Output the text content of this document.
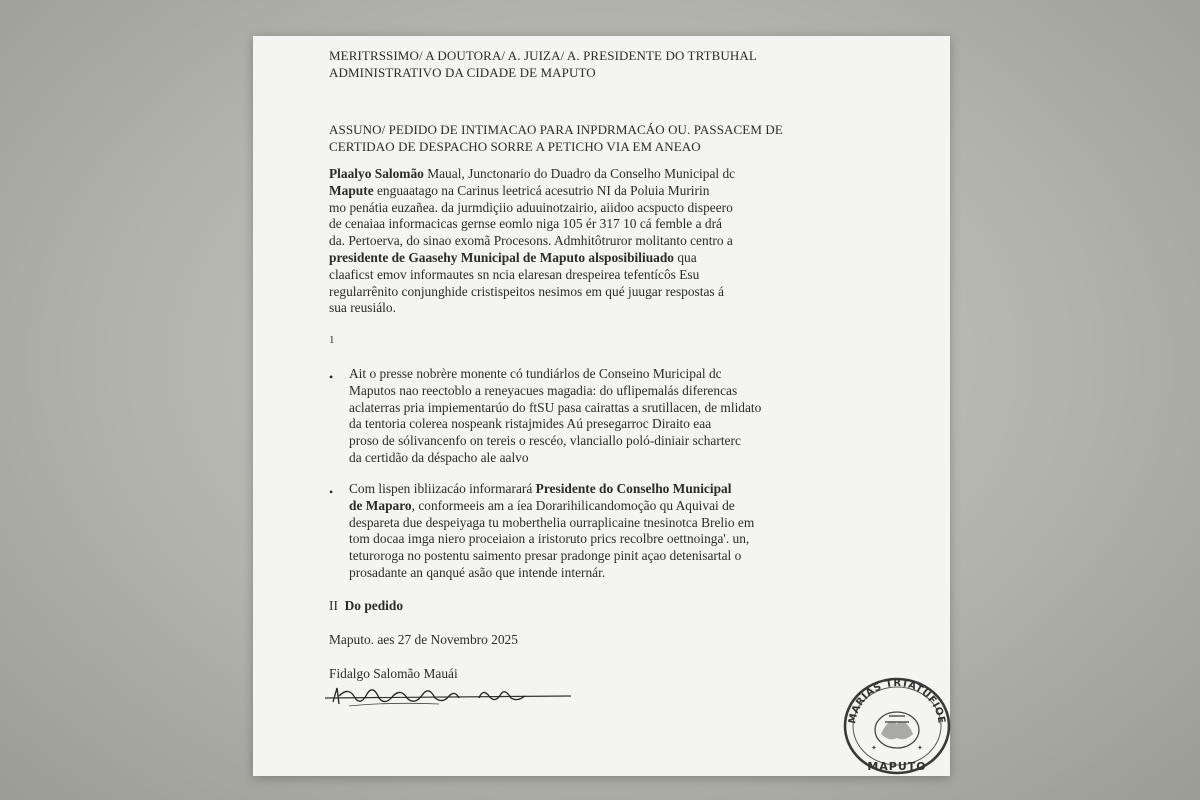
MERITRSSIMO/ A DOUTORA/ A. JUIZA/ A. PRESIDENTE DO TRTBUHAL
ADMINISTRATIVO DA CIDADE DE MAPUTO
ASSUNO/ PEDIDO DE INTIMACAO PARA INPDRMACÁO OU. PASSACEM DE
CERTIDAO DE DESPACHO SORRE A PETICHO VIA EM ANEAO
Plaalyo Salomão Maual, Junctonario do Duadro da Conselho Municipal dc
Mapute enguaatago na Carinus leetricá acesutrio NI da Poluia Muririn
mo penátia euzañea. da jurmdiçiio aduuinotzairio, aiidoo acspucto dispeero
de cenaiaa informacicas gernse eomlo niga 105 ér 317 10 cá femble a drá
da. Pertoerva, do sinao exomã Procesons. Admhitôtruror molitanto centro a
presidente de Gaasehy Municipal de Maputo alsposibiliuado qua
claaficst emov informautes sn ncia elaresan drespeirea tefentícôs Esu
regularrênito conjunghide cristispeitos nesimos em qué juugar respostas á
sua reusiálo.
1
• Ait o presse nobrère monente có tundiárlos de Conseino Muricipal dc
Maputos nao reectoblo a reneyacues magadia: do uflipemalás diferencas
aclaterras pria impiementarúo do ftSU pasa cairattas a srutillacen, de mlidato
da tentoria colerea nospeank ristajmides Aú presegarroc Diraito eaa
proso de sólivancenfo on tereis o rescéo, vlanciallo poló-diniair scharterc
da certidão da déspacho ale aalvo
• Com lispen ibliizacáo informarará Presidente do Conselho Municipal
de Maparo, conformeeis am a íea Dorarihilicandomoção qu Aquivai de
despareta due despeiyaga tu moberthelia ourraplicaine tnesinotca Brelio em
tom docaa imga niero proceiaion a iristoruto prics recolbre oettnoinga'. un,
teturoroga no postentu saimento presar pradonge pinit açao detenisartal o
prosadante an qanqué asão que intende internár.
II Do pedido
Maputo. aes 27 de Novembro 2025
Fidalgo Salomão Mauái
MARIAS TRTATUFIOE
MAPUTO
✦	✦
